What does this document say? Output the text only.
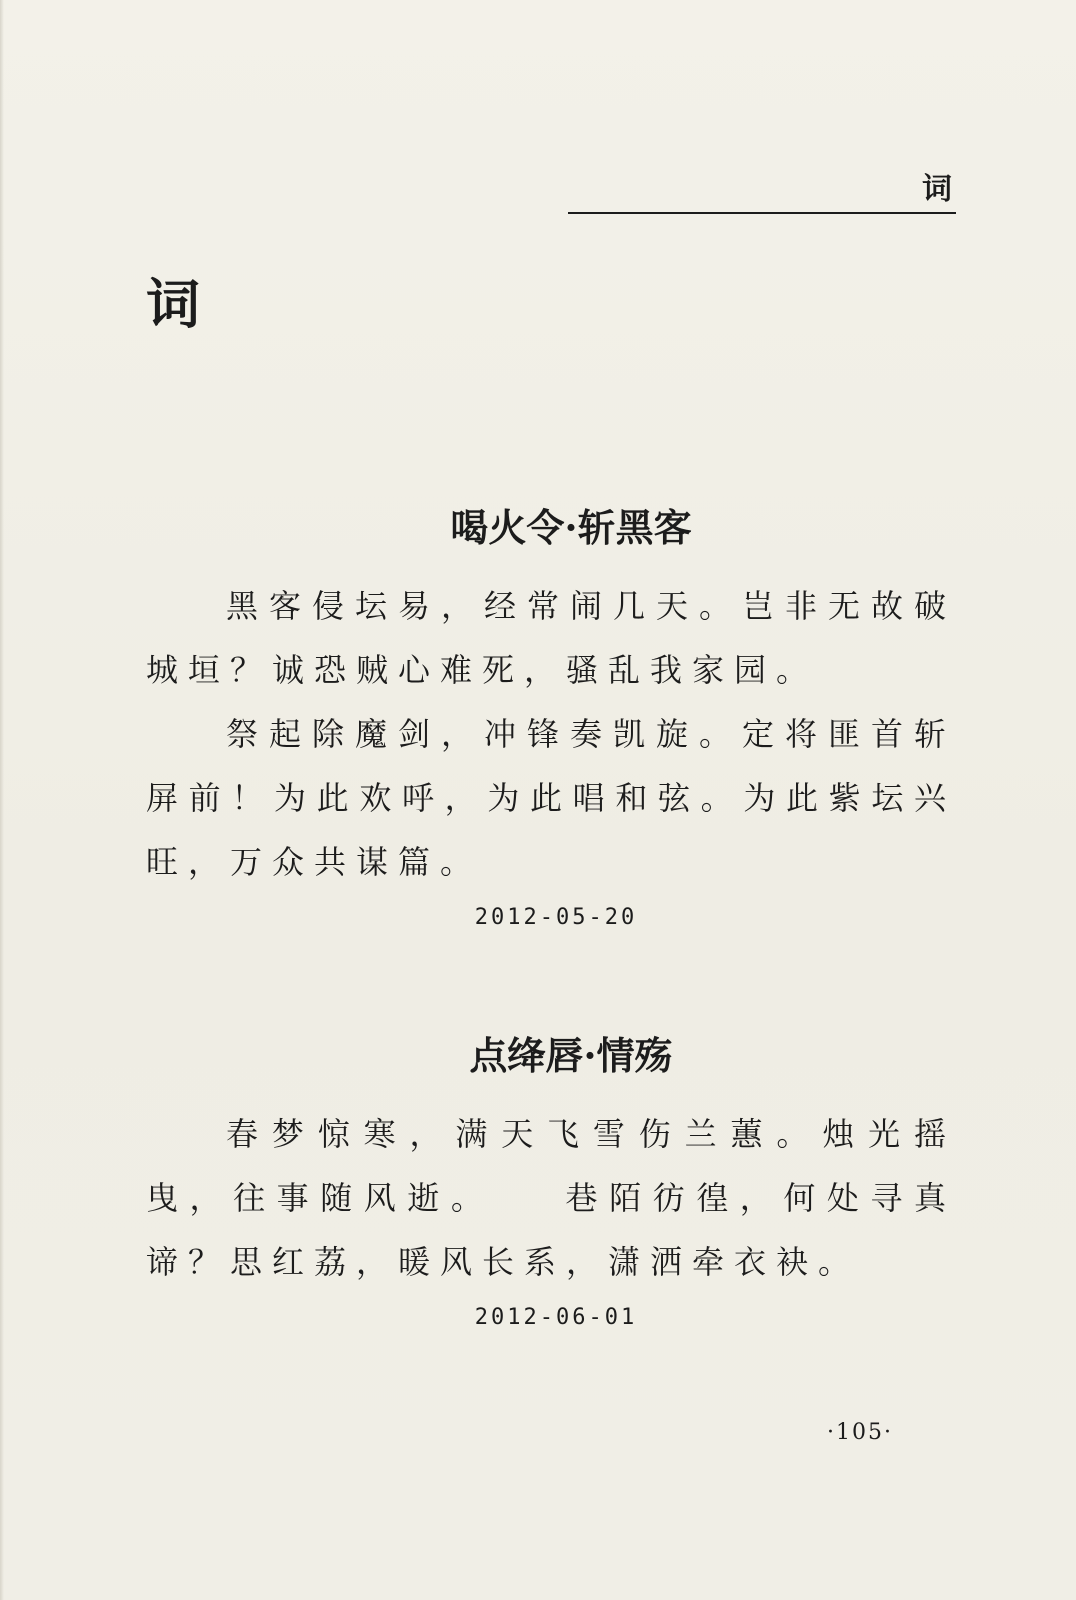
词
词
喝火令·斩黑客

黑客侵坛易，经常闹几天。岂非无故破城垣？诚恐贼心难死，骚乱我家园。

祭起除魔剑，冲锋奏凯旋。定将匪首斩屏前！为此欢呼，为此唱和弦。为此紫坛兴旺，万众共谋篇。

2012-05-20
点绛唇·情殇

春梦惊寒，满天飞雪伤兰蕙。烛光摇曳，往事随风逝。　　巷陌彷徨，何处寻真谛？思红荔，暖风长系，潇洒牵衣袂。

2012-06-01
·105·
